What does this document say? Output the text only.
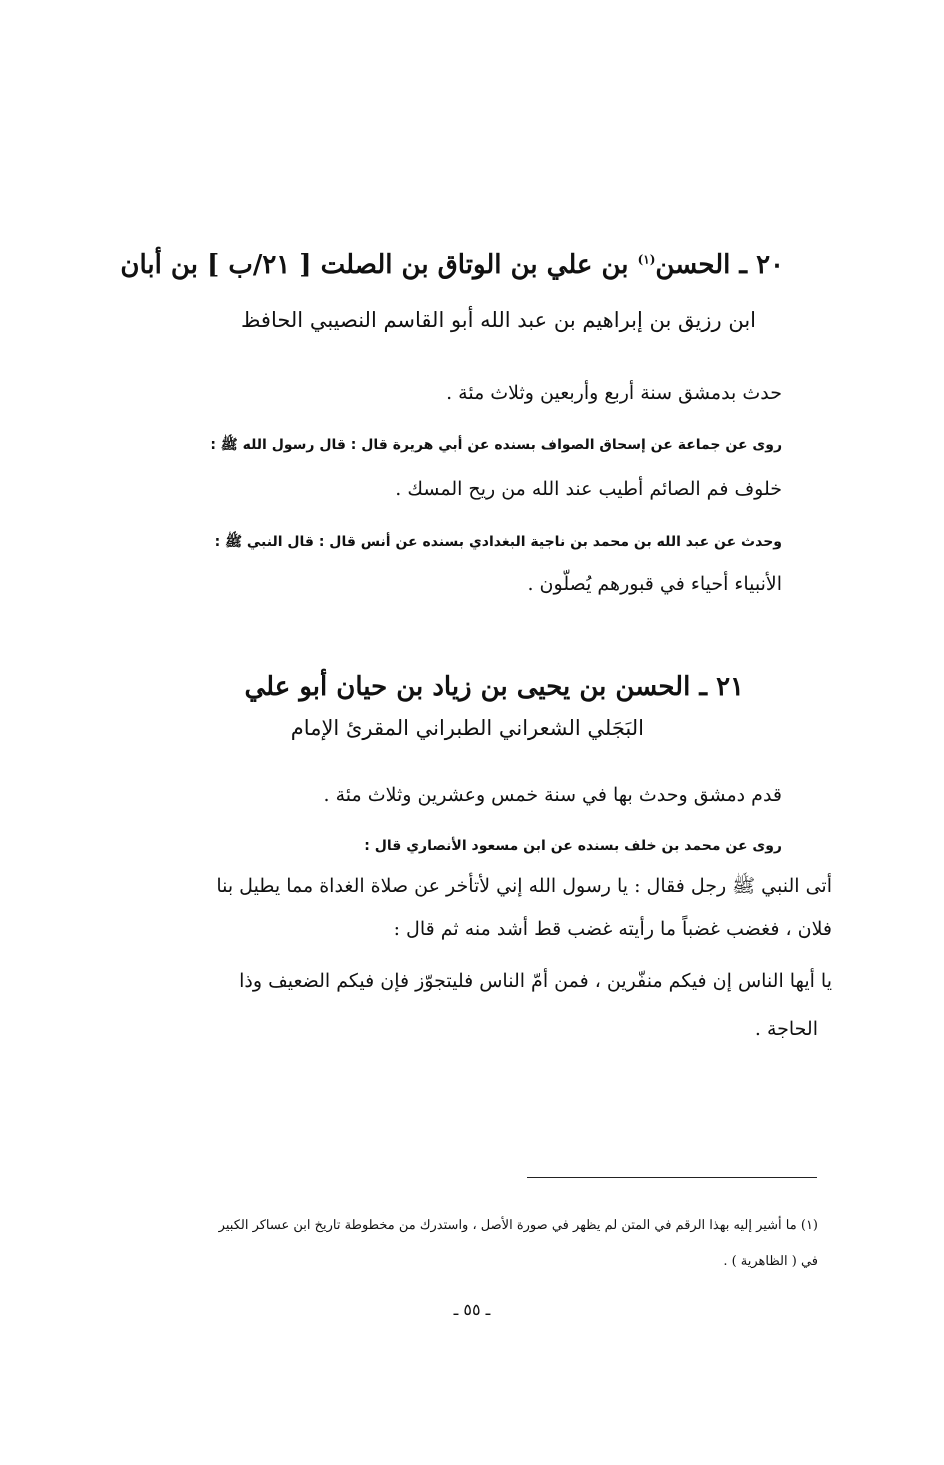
٢٠ ـ الحسن$^{(١)}$ بن علي بن الوتاق بن الصلت [ ٢١/ب ] بن أبان
ابن رزيق بن إبراهيم بن عبد الله أبو القاسم النصيبي الحافظ
حدث بدمشق سنة أربع وأربعين وثلاث مئة .
روى عن جماعة عن إسحاق الصواف بسنده عن أبي هريرة قال : قال رسول الله ﷺ :
خلوف فم الصائم أطيب عند الله من ريح المسك .
وحدث عن عبد الله بن محمد بن ناجية البغدادي بسنده عن أنس قال : قال النبي ﷺ :
الأنبياء أحياء في قبورهم يُصلّون .
٢١ ـ الحسن بن يحيى بن زياد بن حيان أبو علي
البَجَلي الشعراني الطبراني المقرئ الإمام
قدم دمشق وحدث بها في سنة خمس وعشرين وثلاث مئة .
روى عن محمد بن خلف بسنده عن ابن مسعود الأنصاري قال :
أتى النبي ﷺ رجل فقال : يا رسول الله إني لأتأخر عن صلاة الغداة مما يطيل بنا
فلان ، فغضب غضباً ما رأيته غضب قط أشد منه ثم قال :
يا أيها الناس إن فيكم منفّرين ، فمن أمّ الناس فليتجوّز فإن فيكم الضعيف وذا
الحاجة .
(١) ما أشير إليه بهذا الرقم في المتن لم يظهر في صورة الأصل ، واستدرك من مخطوطة تاريخ ابن عساكر الكبير
في ( الظاهرية ) .
ـ ٥٥ ـ
